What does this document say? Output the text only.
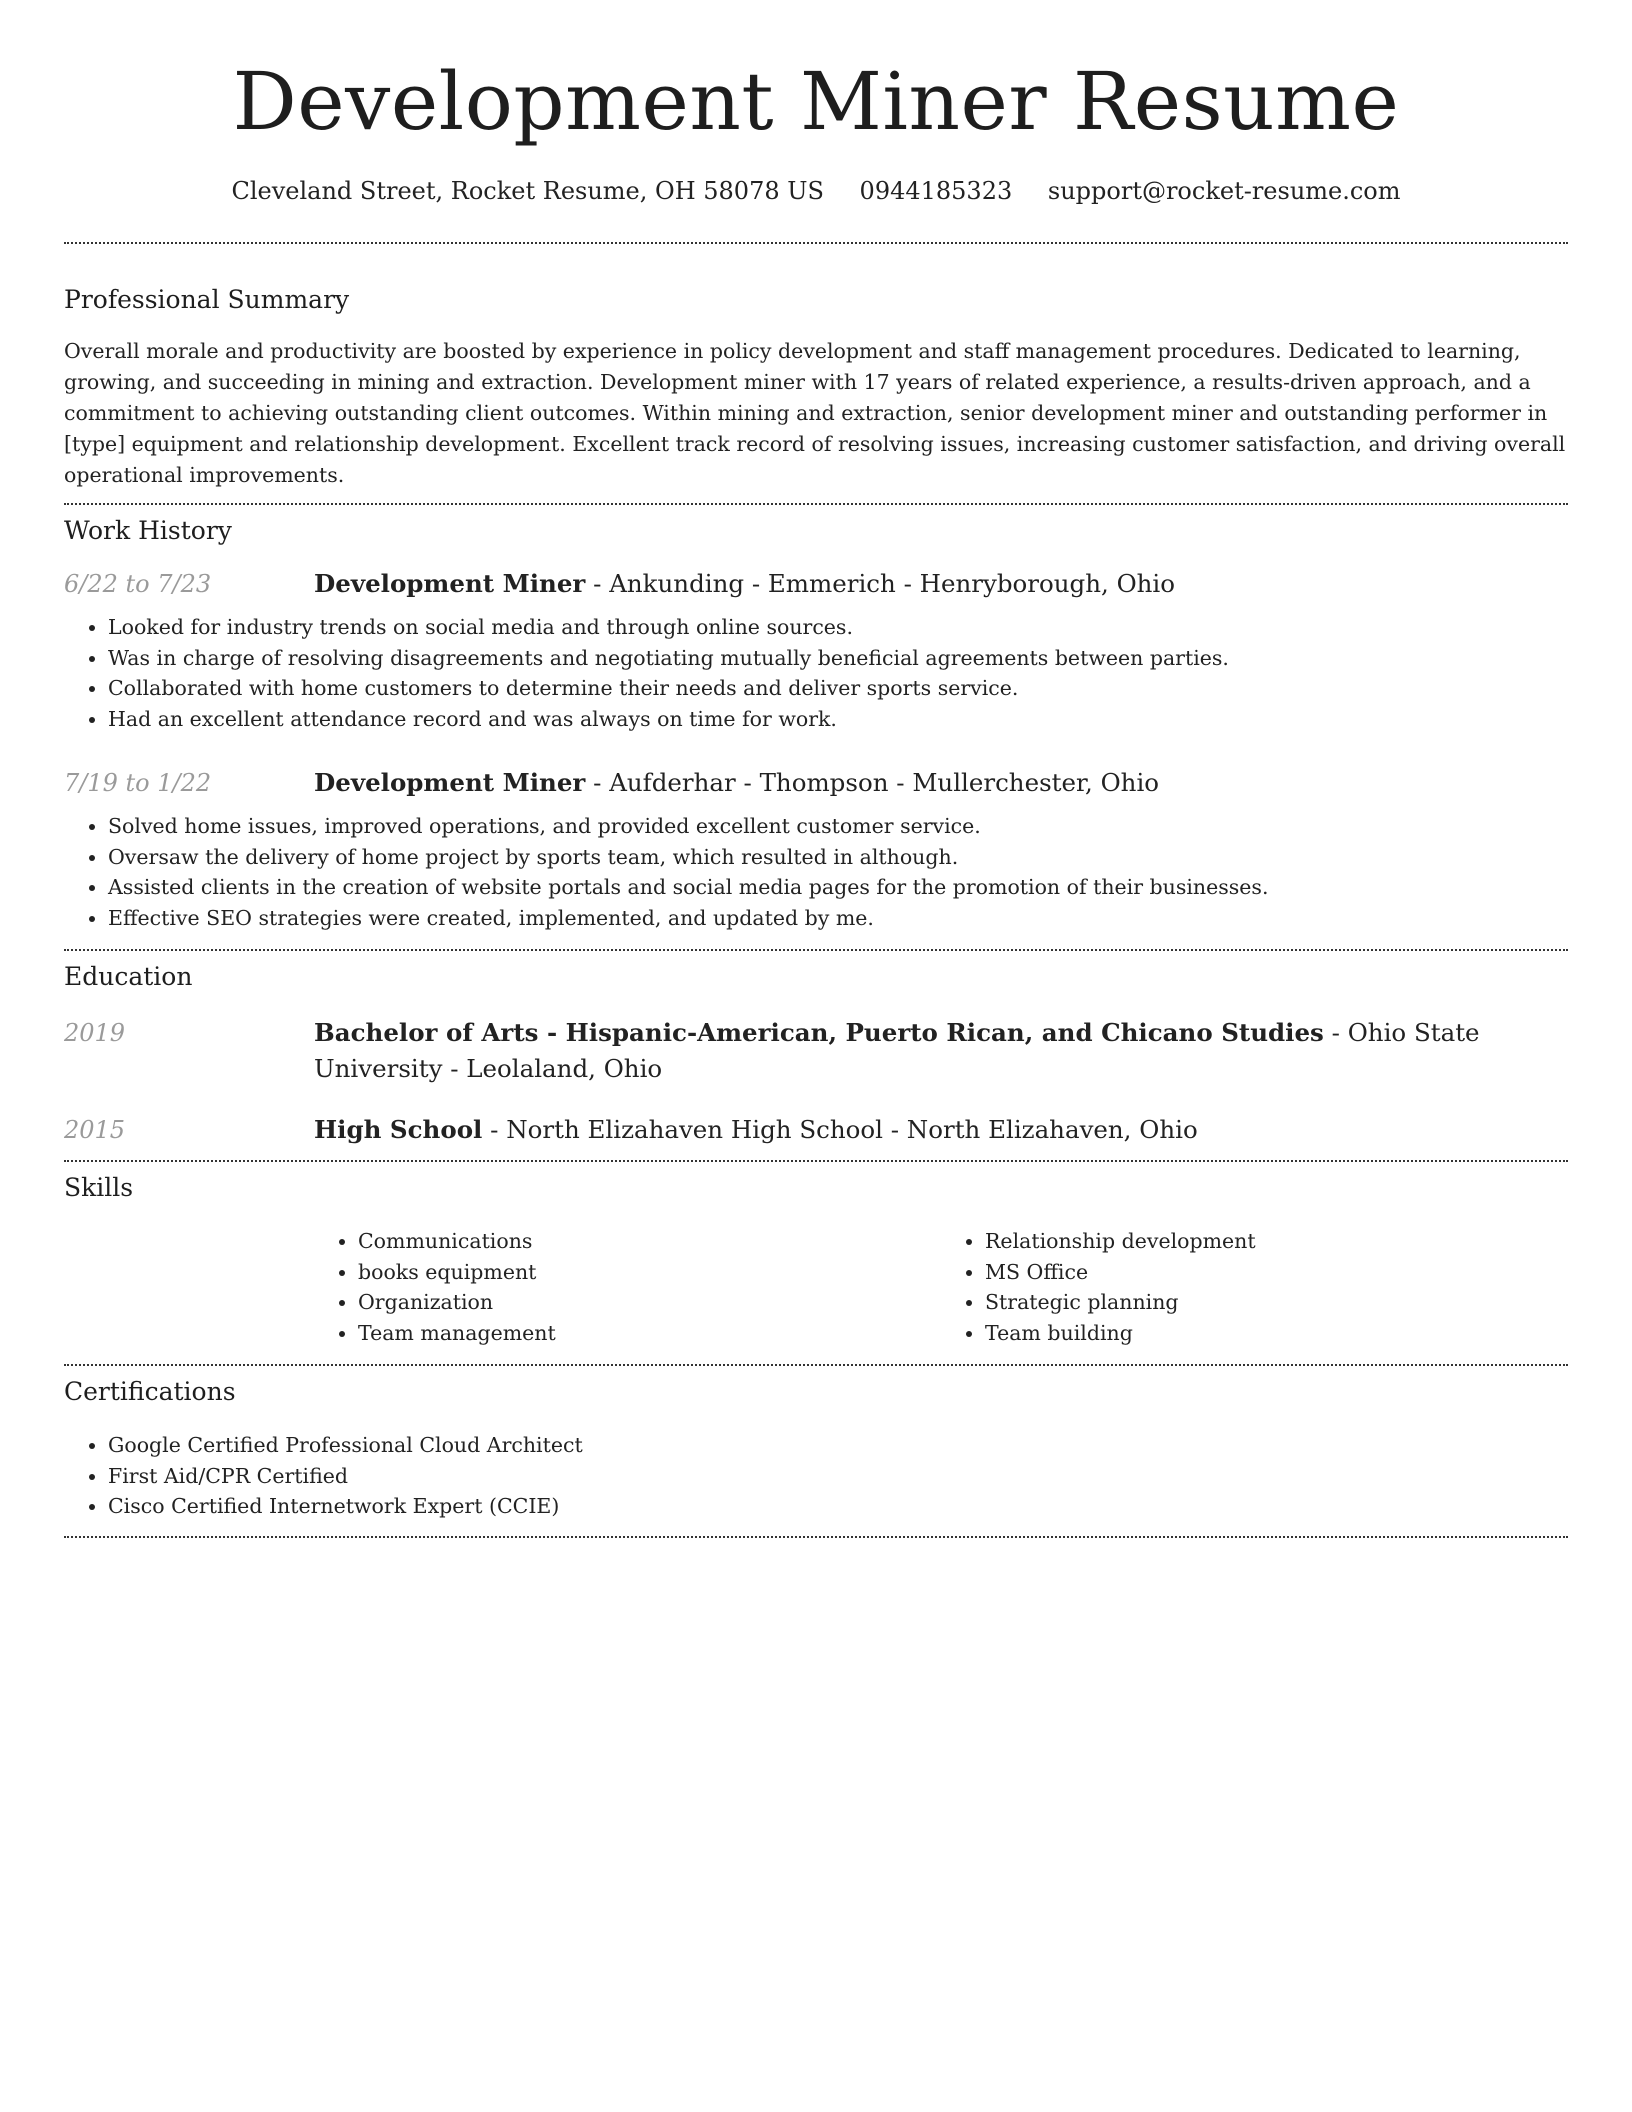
Development Miner Resume
Cleveland Street, Rocket Resume, OH 58078 US 0944185323 support@rocket-resume.com
Professional Summary

Overall morale and productivity are boosted by experience in policy development and staff management procedures. Dedicated to learning, growing, and succeeding in mining and extraction. Development miner with 17 years of related experience, a results-driven approach, and a commitment to achieving outstanding client outcomes. Within mining and extraction, senior development miner and outstanding performer in [type] equipment and relationship development. Excellent track record of resolving issues, increasing customer satisfaction, and driving overall operational improvements.

Work History
6/22 to 7/23	Development Miner - Ankunding - Emmerich - Henryborough, Ohio
• Looked for industry trends on social media and through online sources.
• Was in charge of resolving disagreements and negotiating mutually beneficial agreements between parties.
• Collaborated with home customers to determine their needs and deliver sports service.
• Had an excellent attendance record and was always on time for work.
7/19 to 1/22	Development Miner - Aufderhar - Thompson - Mullerchester, Ohio
• Solved home issues, improved operations, and provided excellent customer service.
• Oversaw the delivery of home project by sports team, which resulted in although.
• Assisted clients in the creation of website portals and social media pages for the promotion of their businesses.
• Effective SEO strategies were created, implemented, and updated by me.
Education
2019	Bachelor of Arts - Hispanic-American, Puerto Rican, and Chicano Studies - Ohio State University - Leolaland, Ohio
2015	High School - North Elizahaven High School - North Elizahaven, Ohio
Skills
• Communications
• books equipment
• Organization
• Team management
• Relationship development
• MS Office
• Strategic planning
• Team building
Certifications
• Google Certified Professional Cloud Architect
• First Aid/CPR Certified
• Cisco Certified Internetwork Expert (CCIE)
